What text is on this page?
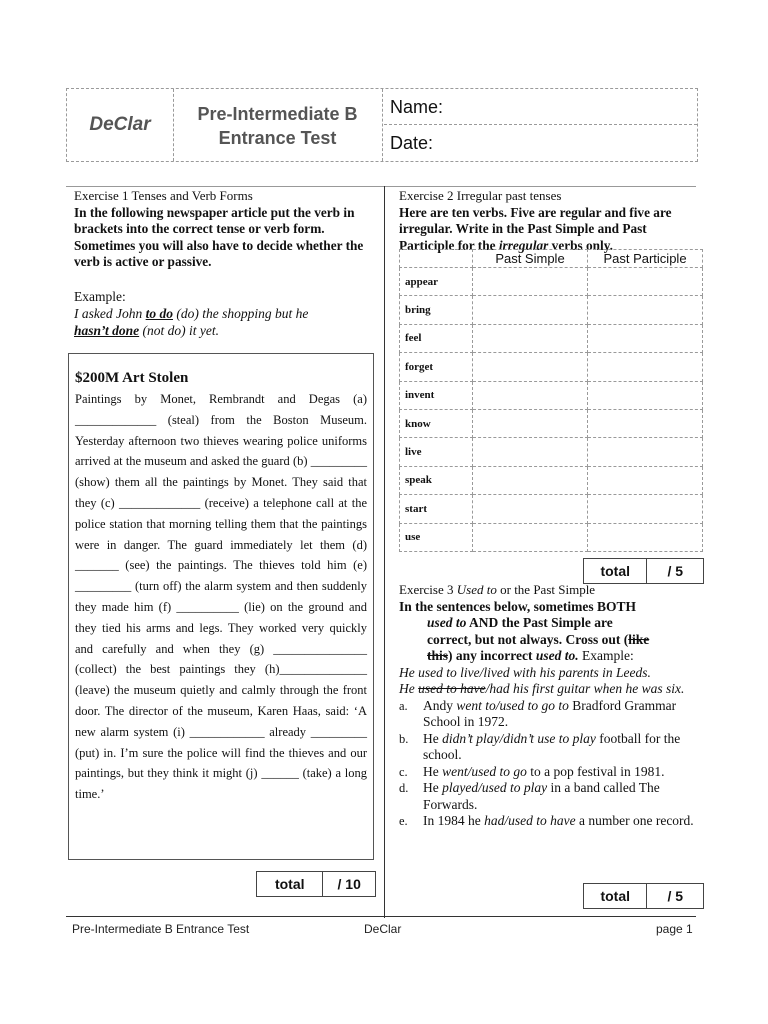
DeClar	Pre-Intermediate B
Entrance Test
Name:
Date:
Exercise 1 Tenses and Verb Forms
In the following newspaper article put the verb in brackets into the correct tense or verb form. Sometimes you will also have to decide whether the verb is active or passive.
Example:
I asked John to do (do) the shopping but he
hasn’t done (not do) it yet.
$200M Art Stolen

Paintings by Monet, Rembrandt and Degas (a) _____________ (steal) from the Boston Museum. Yesterday afternoon two thieves wearing police uniforms arrived at the museum and asked the guard (b) _________ (show) them all the paintings by Monet. They said that they (c) _____________ (receive) a telephone call at the police station that morning telling them that the paintings were in danger. The guard immediately let them (d) _______ (see) the paintings. The thieves told him (e) _________ (turn off) the alarm system and then suddenly they made him (f) __________ (lie) on the ground and they tied his arms and legs. They worked very quickly and carefully and when they (g) _______________ (collect) the best paintings they (h)______________ (leave) the museum quietly and calmly through the front door. The director of the museum, Karen Haas, said: ‘A new alarm system (i) ____________ already _________ (put) in. I’m sure the police will find the thieves and our paintings, but they think it might (j) ______ (take) a long time.’

total	/ 10
Exercise 2 Irregular past tenses
Here are ten verbs. Five are regular and five are irregular. Write in the Past Simple and Past Participle for the irregular verbs only.
	Past Simple	Past Participle
appear		
bring		
feel		
forget		
invent		
know		
live		
speak		
start		
use		
total	/ 5
Exercise 3 Used to or the Past Simple
In the sentences below, sometimes BOTH
used to AND the Past Simple are
correct, but not always. Cross out (like
this) any incorrect used to. Example:
He used to live/lived with his parents in Leeds.
He used to have/had his first guitar when he was six.
a. Andy went to/used to go to Bradford Grammar School in 1972.
b. He didn’t play/didn’t use to play football for the school.
c. He went/used to go to a pop festival in 1981.
d. He played/used to play in a band called The Forwards.
e. In 1984 he had/used to have a number one record.
total	/ 5
Pre-Intermediate B Entrance Test	DeClar	page 1
